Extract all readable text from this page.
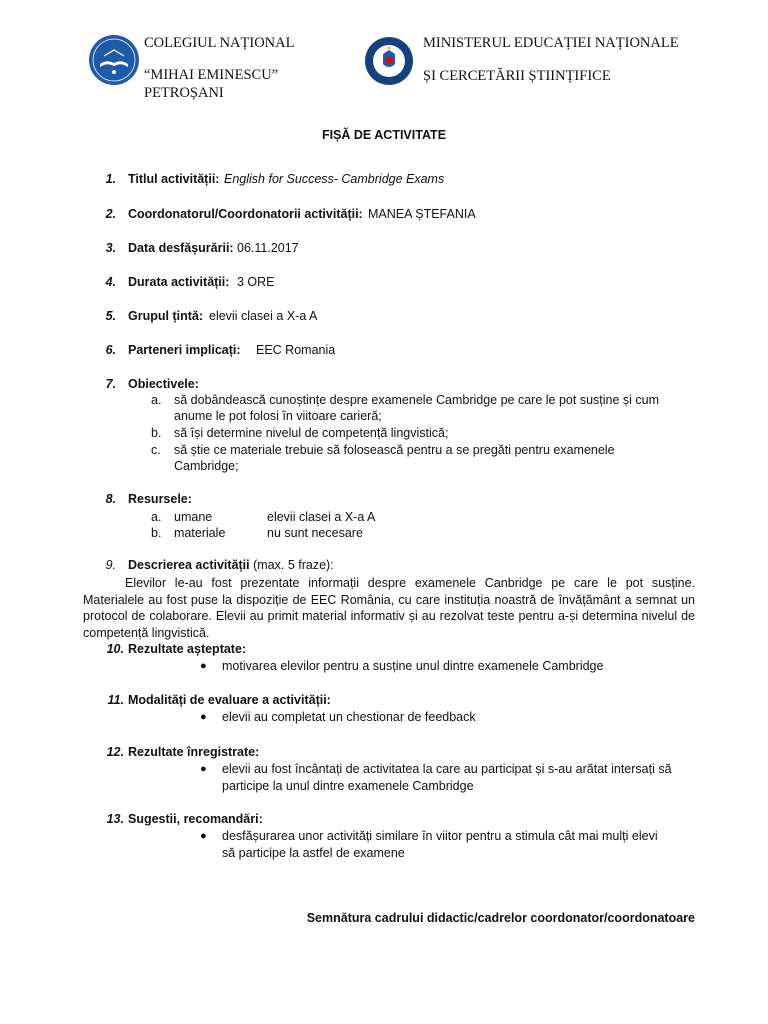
COLEGIUL NAȚIONAL
“MIHAI EMINESCU”
PETROȘANI
MINISTERUL EDUCAȚIEI NAȚIONALE
ȘI CERCETĂRII ȘTIINȚIFICE
FIȘĂ DE ACTIVITATE
1. Titlul activității: English for Success- Cambridge Exams
2. Coordonatorul/Coordonatorii activității: MANEA ȘTEFANIA
3. Data desfășurării: 06.11.2017
4. Durata activității: 3 ORE
5. Grupul țintă: elevii clasei a X-a A
6. Parteneri implicați: EEC Romania
7. Obiectivele:
a. să dobândească cunoștințe despre examenele Cambridge pe care le pot susține și cum
anume le pot folosi în viitoare carieră;
b. să își determine nivelul de competență lingvistică;
c. să știe ce materiale trebuie să folosească pentru a se pregăti pentru examenele
Cambridge;
8. Resursele:
a. umane	elevii clasei a X-a A
b. materiale	nu sunt necesare
9. Descrierea activității (max. 5 fraze):
Elevilor le-au fost prezentate informații despre examenele Canbridge pe care le pot susține. Materialele au fost puse la dispoziție de EEC România, cu care instituția noastră de învățământ a semnat un protocol de colaborare. Elevii au primit material informativ și au rezolvat teste pentru a-și determina nivelul de competență lingvistică.
10. Rezultate așteptate:
● motivarea elevilor pentru a susține unul dintre examenele Cambridge
11. Modalități de evaluare a activității:
● elevii au completat un chestionar de feedback
12. Rezultate înregistrate:
● elevii au fost încântați de activitatea la care au participat și s-au arătat intersați să
participe la unul dintre examenele Cambridge
13. Sugestii, recomandări:
● desfășurarea unor activități similare în viitor pentru a stimula cât mai mulți elevi
să participe la astfel de examene
Semnătura cadrului didactic/cadrelor coordonator/coordonatoare
